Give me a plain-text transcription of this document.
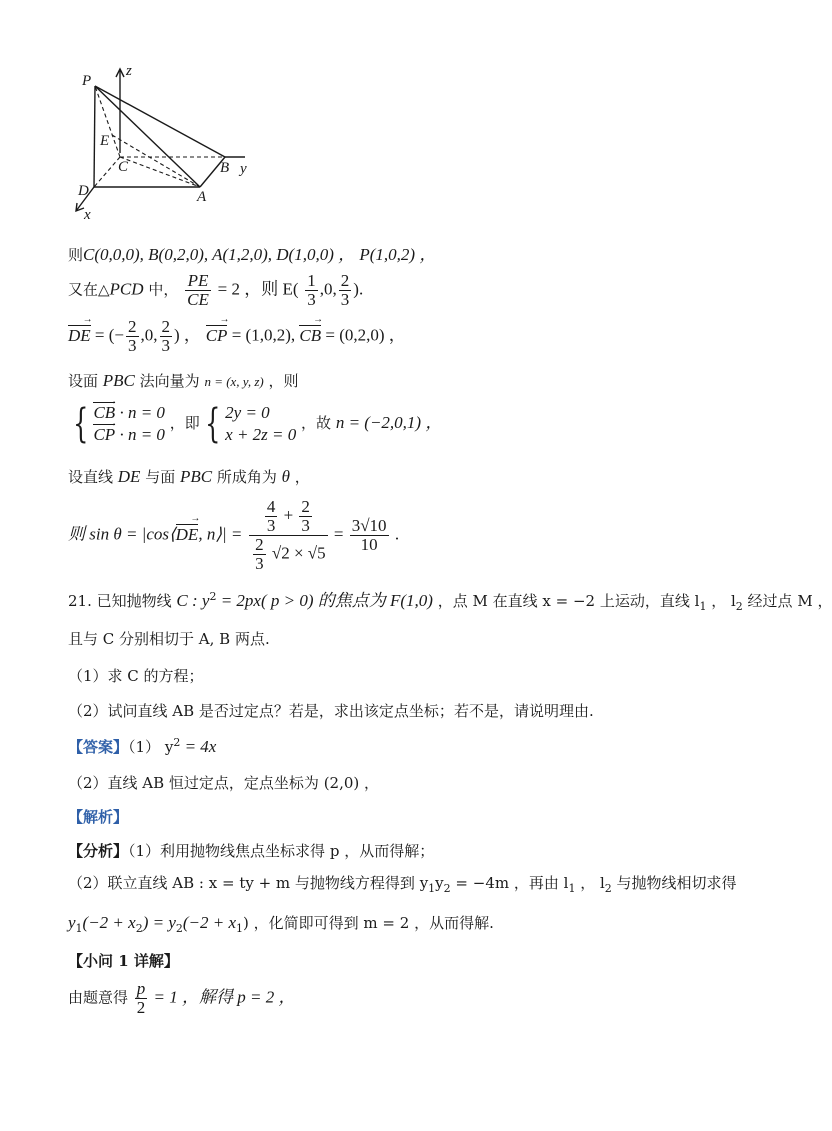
P
z
E
C	B y
D	A
x
则C(0,0,0), B(0,2,0), A(1,2,0), D(1,0,0) ， P(1,0,2) ，
又在△PCD 中， $\frac{PE}{CE} = 2$ ，则 $E( \frac{1}{3} ,0$, $\frac{2}{3}$ ).
DE → = (− $\frac{2}{3} ,0$, $\frac{2}{3}$ ) ， CP → = (1,0,2), CB → = (0,2,0) ，
设面 PBC 法向量为 n = (x, y, z) ，则
{ CB → · n = 0
CP → · n = 0
，即 { 2y = 0
x + 2z = 0
，故 n = (−2,0,1) ，
设直线 DE 与面 PBC 所成角为 θ ，
则 sin θ = |cos⟨DE →, n⟩| = $\frac{\frac{4}{3} + \frac{2}{3}}{\frac{2}{3} √2 \times √5} = \frac{3√10}{10}$ .
21. 已知抛物线 C : $y^2 = 2px$( p > 0) 的焦点为 F(1,0) ，点 M 在直线 x = −2 上运动，直线 $l_1$ ， $l_2$ 经过点 M ，
且与 C 分别相切于 A, B 两点.
（1）求 C 的方程；
（2）试问直线 AB 是否过定点？若是，求出该定点坐标；若不是，请说明理由.
【答案】（1） $y^2 = 4x$
（2）直线 AB 恒过定点，定点坐标为 (2,0) ，
【解析】
【分析】（1）利用抛物线焦点坐标求得 p ，从而得解；
（2）联立直线 AB : x = ty + m 与抛物线方程得到 $y_1y_2 = -4m$ ，再由 $l_1$ ， $l_2$ 与抛物线相切求得
$y_1(-2 + x_2) = y_2(-2 + x_1)$ ，化简即可得到 m = 2 ，从而得解.
【小问 1 详解】
由题意得 $\frac{p}{2} = 1$ ，解得 p = 2 ，
